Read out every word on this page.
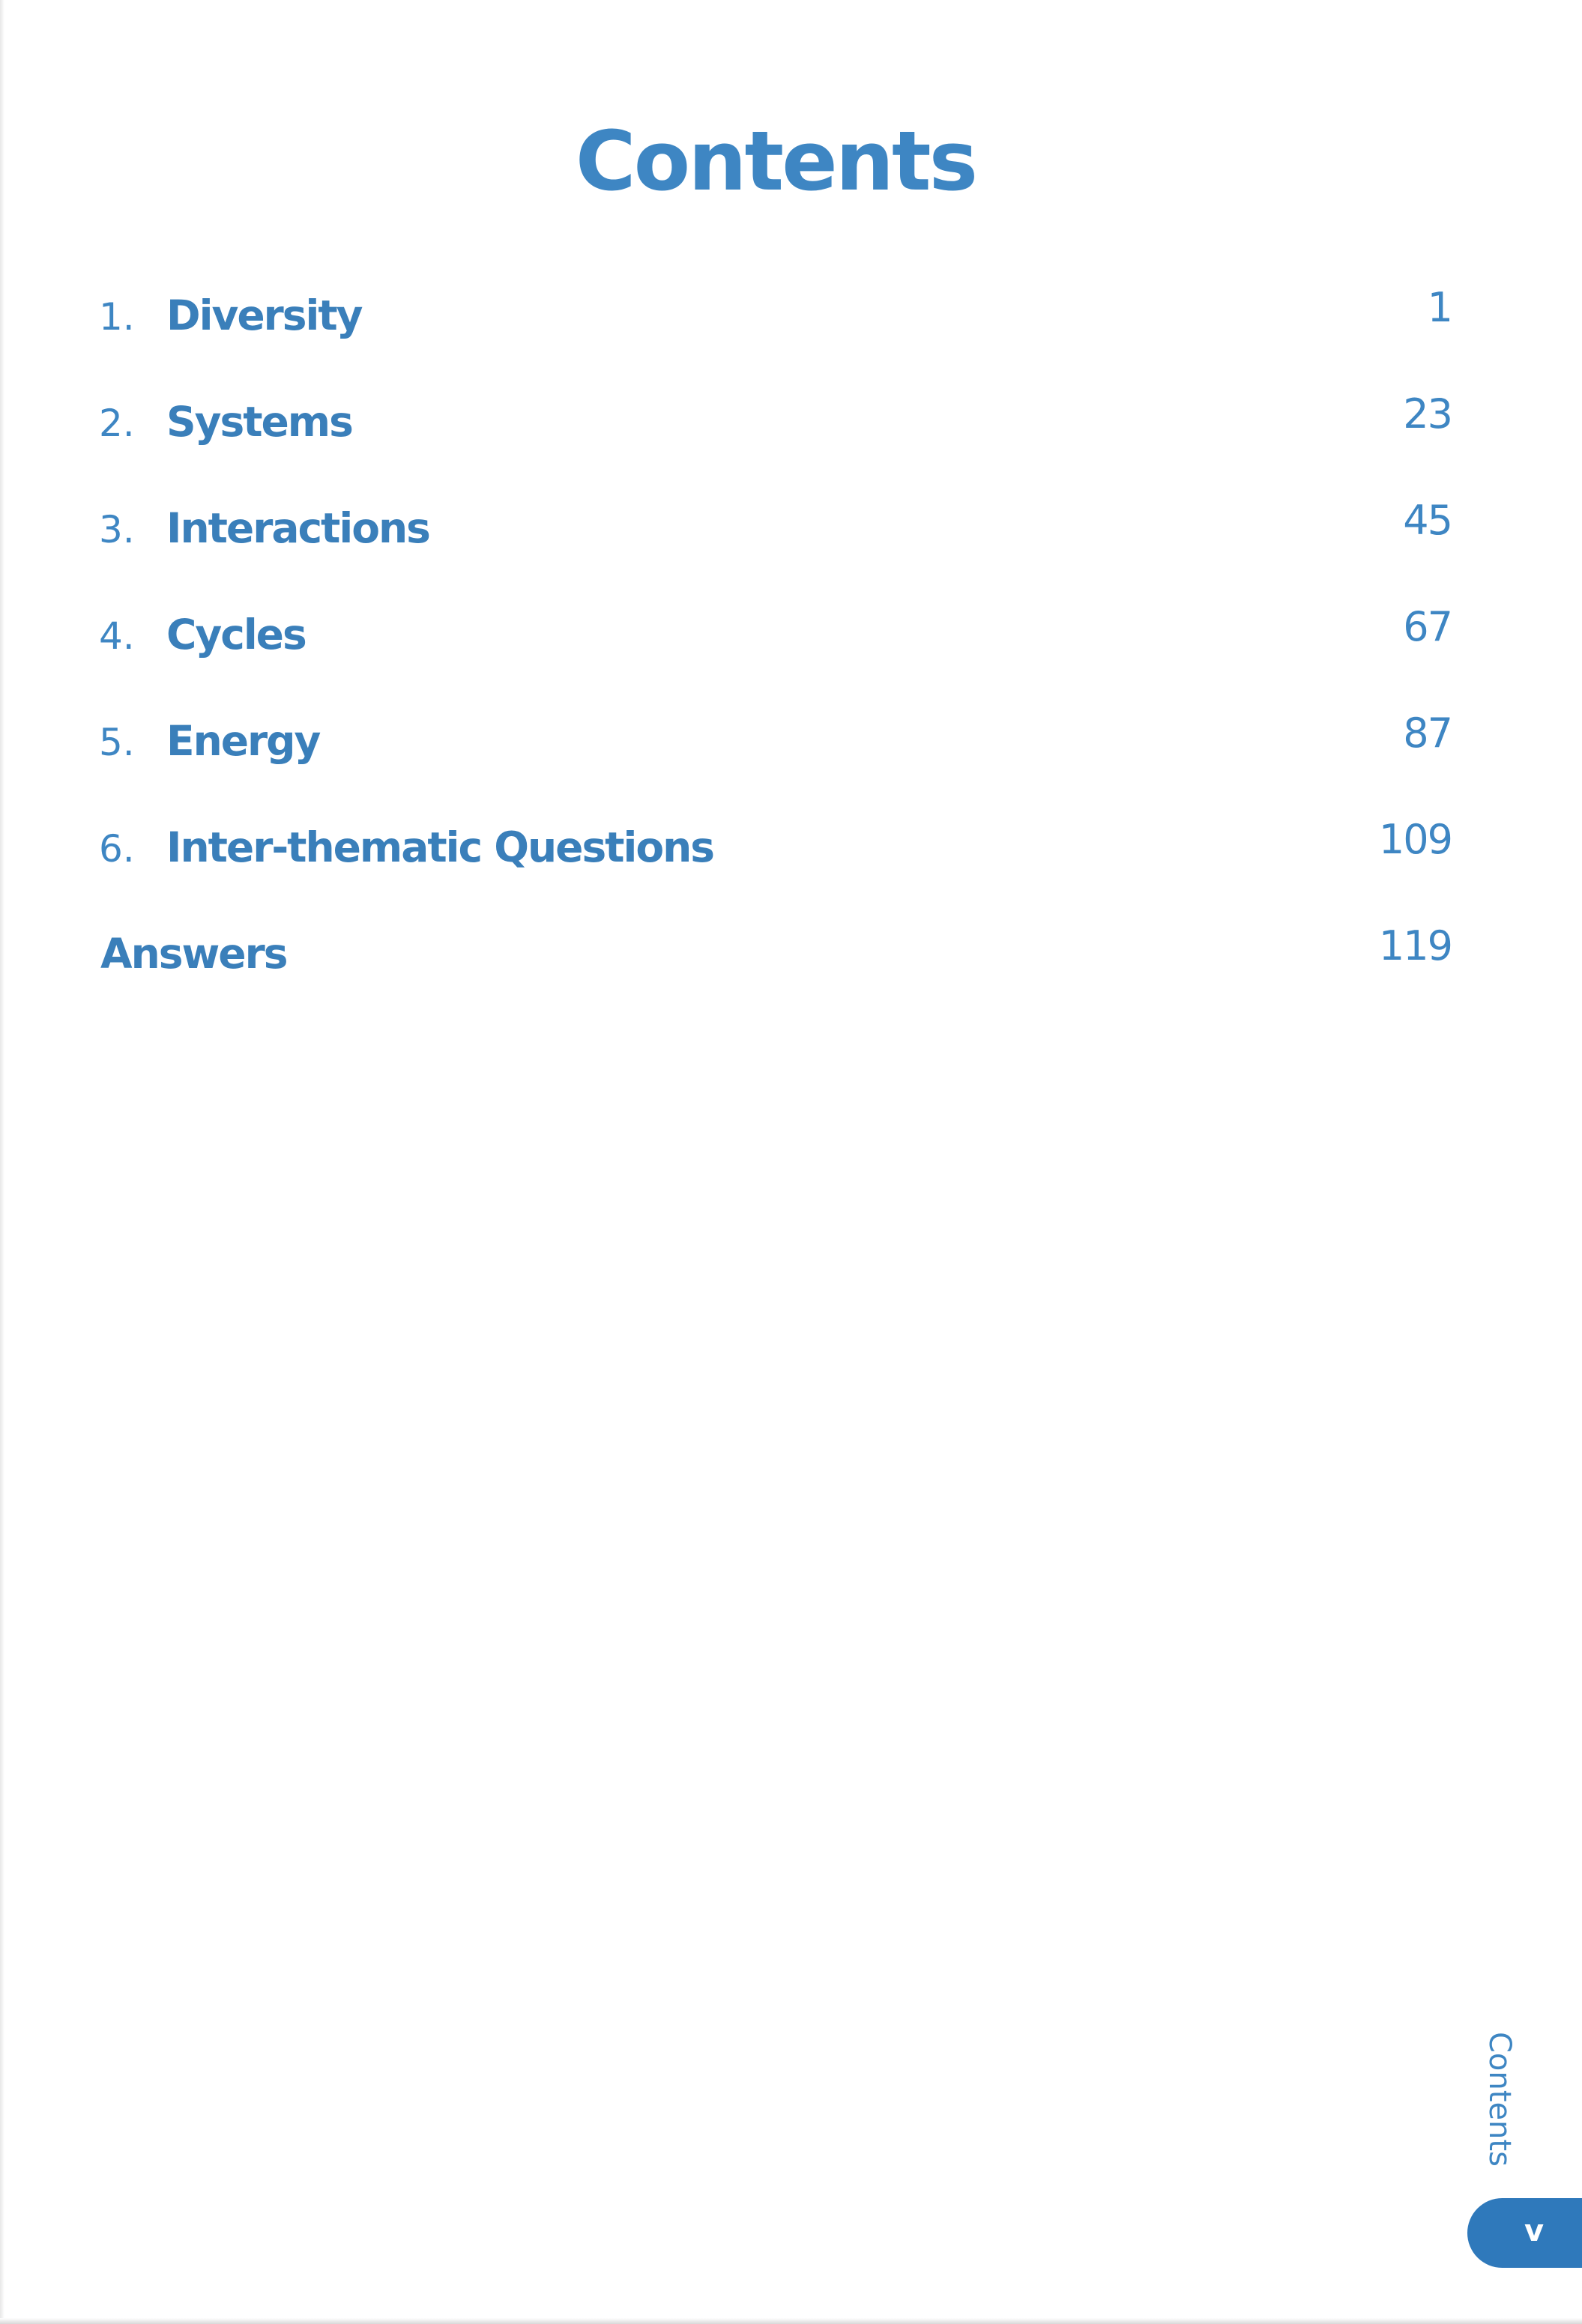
Contents
1. Diversity	1
2. Systems	23
3. Interactions	45
4. Cycles	67
5. Energy	87
6. Inter-thematic Questions	109
Answers	119
Contents
v
